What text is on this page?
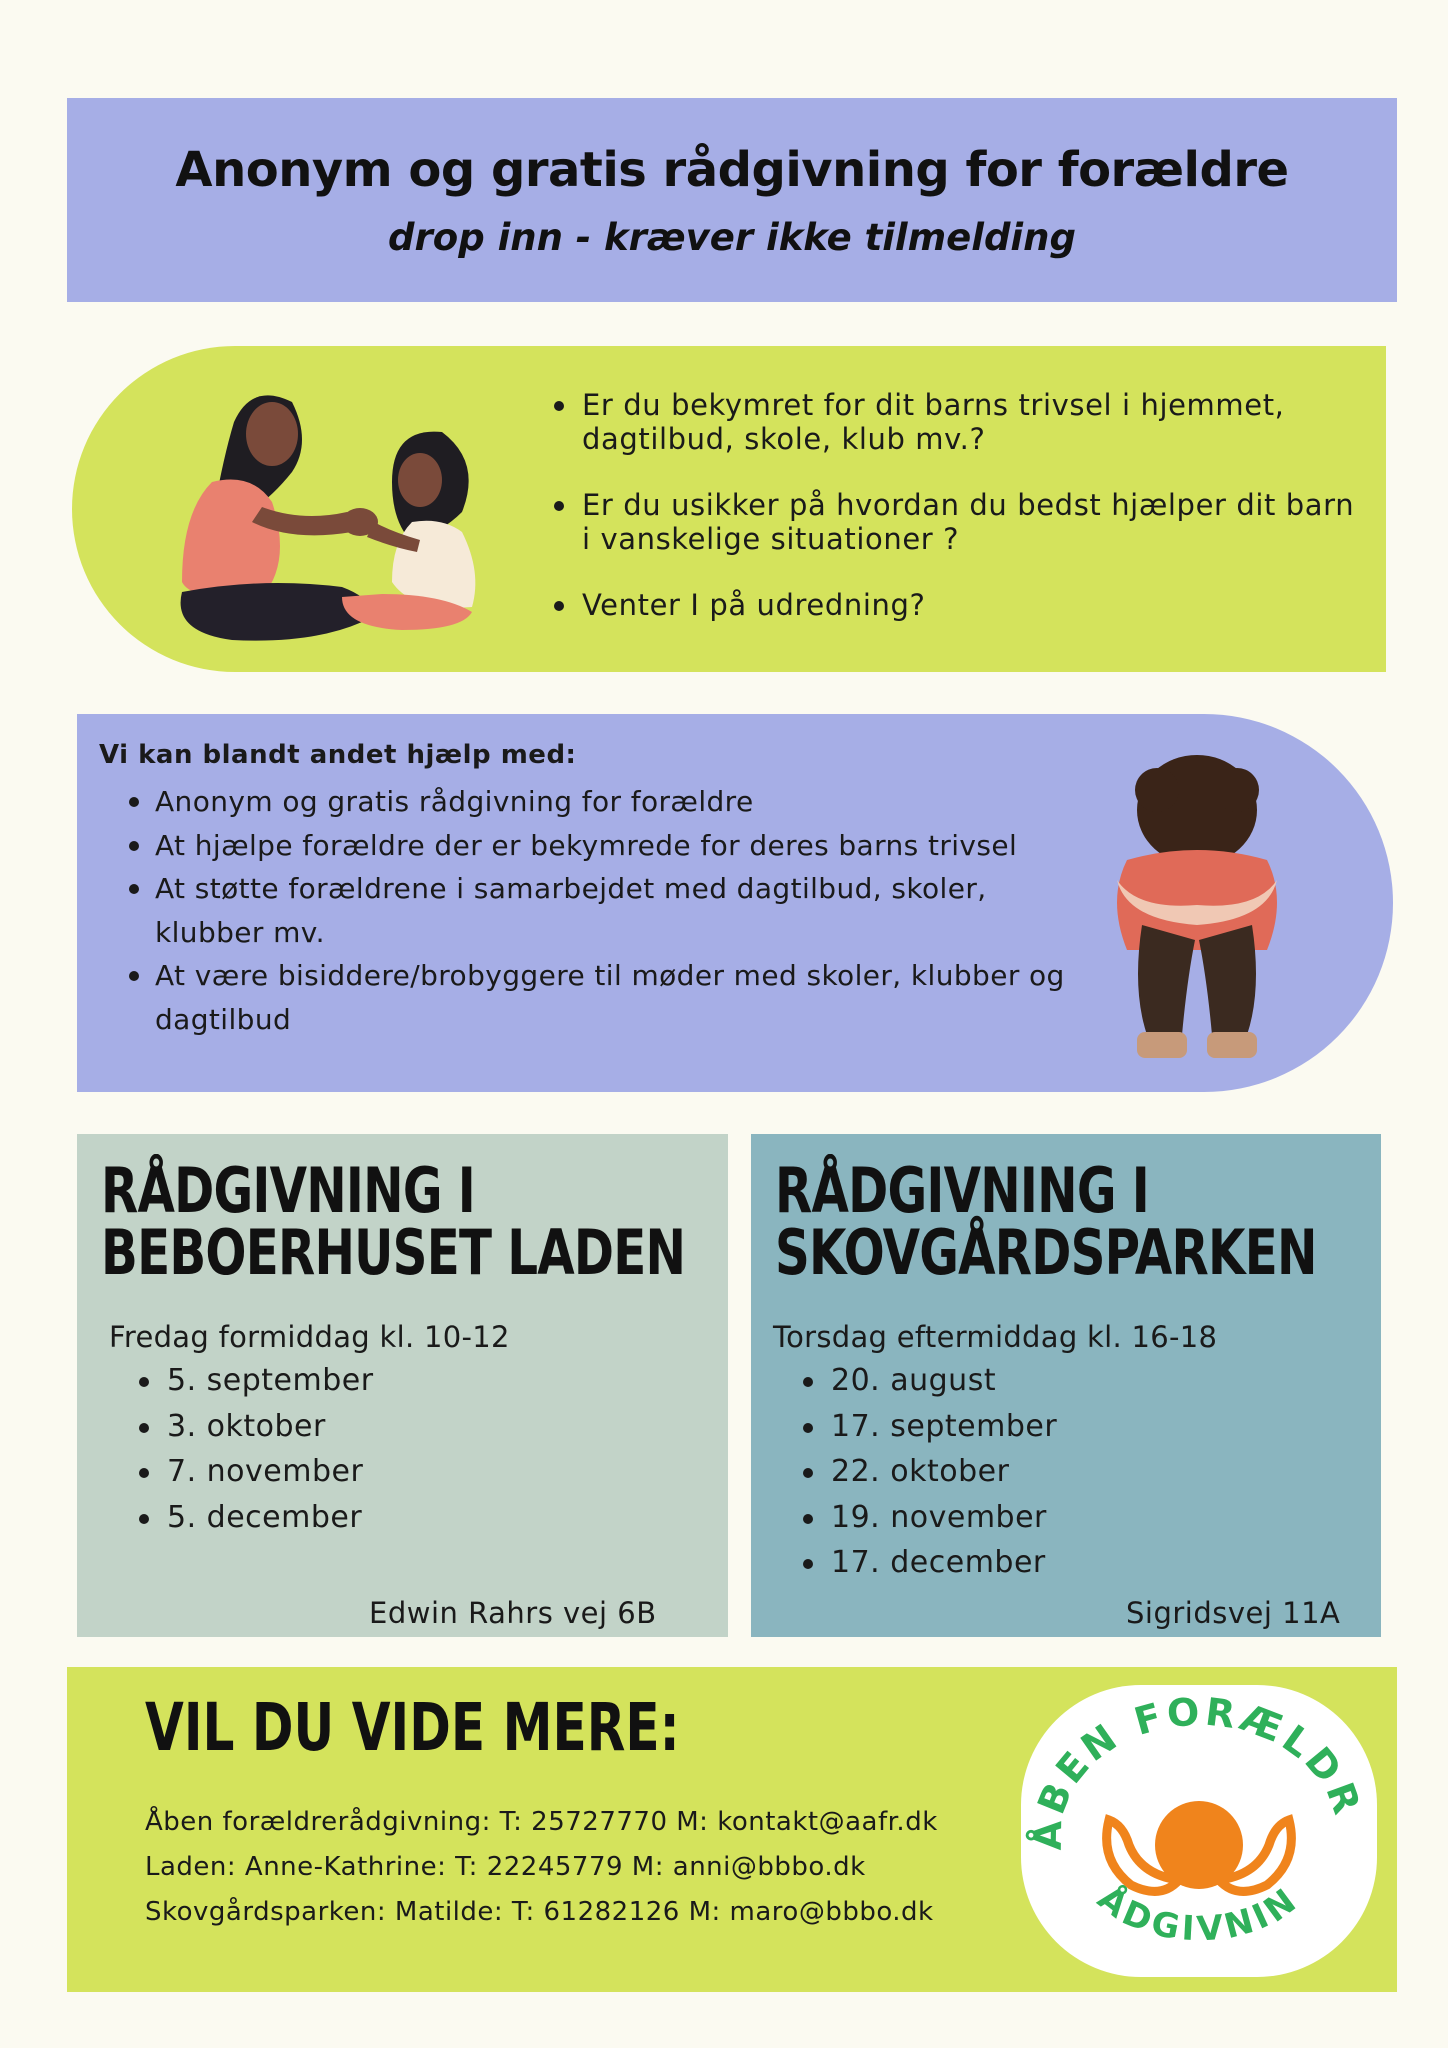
Anonym og gratis rådgivning for forældre
drop inn - kræver ikke tilmelding
Er du bekymret for dit barns trivsel i hjemmet, dagtilbud, skole, klub mv.?
Er du usikker på hvordan du bedst hjælper dit barn i vanskelige situationer ?
Venter I på udredning?
Vi kan blandt andet hjælp med:
Anonym og gratis rådgivning for forældre
At hjælpe forældre der er bekymrede for deres barns trivsel
At støtte forældrene i samarbejdet med dagtilbud, skoler, klubber mv.
At være bisiddere/brobyggere til møder med skoler, klubber og dagtilbud
RÅDGIVNING I
BEBOERHUSET LADEN
Fredag formiddag kl. 10-12
5. september
3. oktober
7. november
5. december
Edwin Rahrs vej 6B
RÅDGIVNING I
SKOVGÅRDSPARKEN
Torsdag eftermiddag kl. 16-18
20. august
17. september
22. oktober
19. november
17. december
Sigridsvej 11A
VIL DU VIDE MERE:
Åben forældrerådgivning: T: 25727770 M: kontakt@aafr.dk
Laden: Anne-Kathrine: T: 22245779 M: anni@bbbo.dk
Skovgårdsparken: Matilde: T: 61282126 M: maro@bbbo.dk
ÅBEN FORÆLDR
ÅDGIVNIN
